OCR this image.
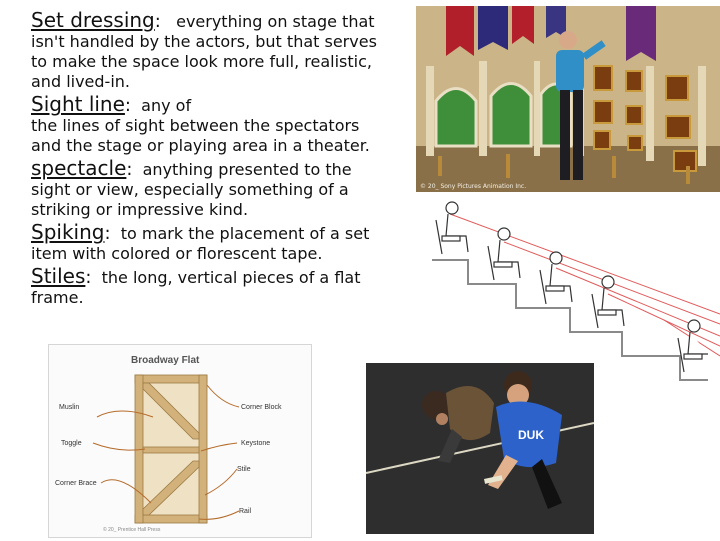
Set dressing: everything on stage that

isn't handled by the actors, but that serves

to make the space look more full, realistic,

and lived-in.

Sight line: any of

the lines of sight between the spectators

and the stage or playing area in a theater.

spectacle: anything presented to the

sight or view, especially something of a

striking or impressive kind.

Spiking: to mark the placement of a set

item with colored or florescent tape.

Stiles: the long, vertical pieces of a flat

frame.

© 20_ Sony Pictures Animation Inc.
Broadway Flat
Muslin
Toggle
Corner Brace
Corner Block
Keystone
Stile
Rail
© 20_ Prentice Hall Press
DUK
